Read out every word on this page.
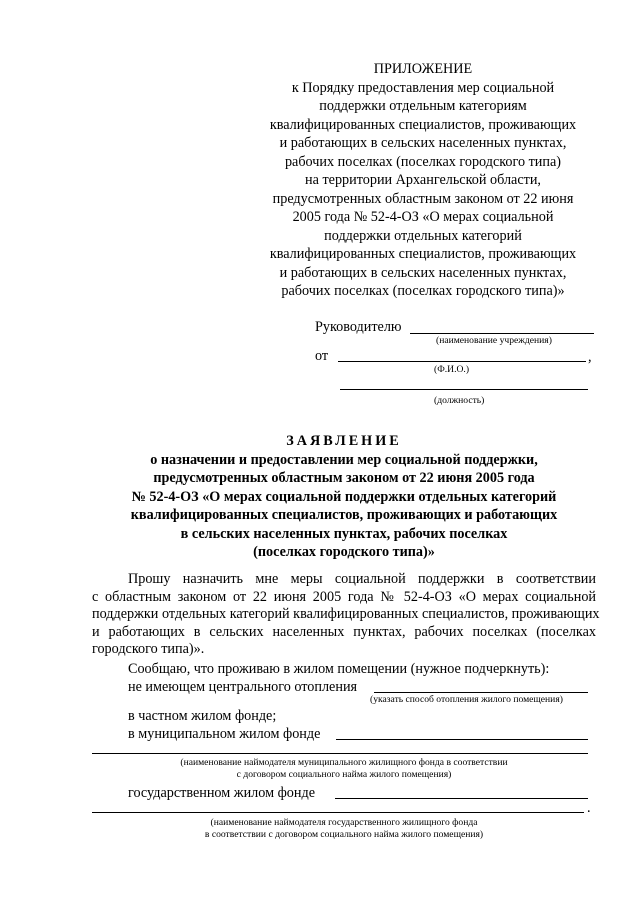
ПРИЛОЖЕНИЕ
к Порядку предоставления мер социальной
поддержки отдельным категориям
квалифицированных специалистов, проживающих
и работающих в сельских населенных пунктах,
рабочих поселках (поселках городского типа)
на территории Архангельской области,
предусмотренных областным законом от 22 июня
2005 года № 52-4-ОЗ «О мерах социальной
поддержки отдельных категорий
квалифицированных специалистов, проживающих
и работающих в сельских населенных пунктах,
рабочих поселках (поселках городского типа)»
Руководителю
(наименование учреждения)
от	,
(Ф.И.О.)
(должность)
ЗАЯВЛЕНИЕ
о назначении и предоставлении мер социальной поддержки,
предусмотренных областным законом от 22 июня 2005 года
№ 52-4-ОЗ «О мерах социальной поддержки отдельных категорий
квалифицированных специалистов, проживающих и работающих
в сельских населенных пунктах, рабочих поселках
(поселках городского типа)»
Прошу назначить мне меры социальной поддержки в соответствии
с областным законом от 22 июня 2005 года № 52-4-ОЗ «О мерах социальной
поддержки отдельных категорий квалифицированных специалистов, проживающих
и работающих в сельских населенных пунктах, рабочих поселках (поселках
городского типа)».
Сообщаю, что проживаю в жилом помещении (нужное подчеркнуть):
не имеющем центрального отопления
(указать способ отопления жилого помещения)
в частном жилом фонде;
в муниципальном жилом фонде
(наименование наймодателя муниципального жилищного фонда в соответствии
с договором социального найма жилого помещения)
государственном жилом фонде
.
(наименование наймодателя государственного жилищного фонда
в соответствии с договором социального найма жилого помещения)
